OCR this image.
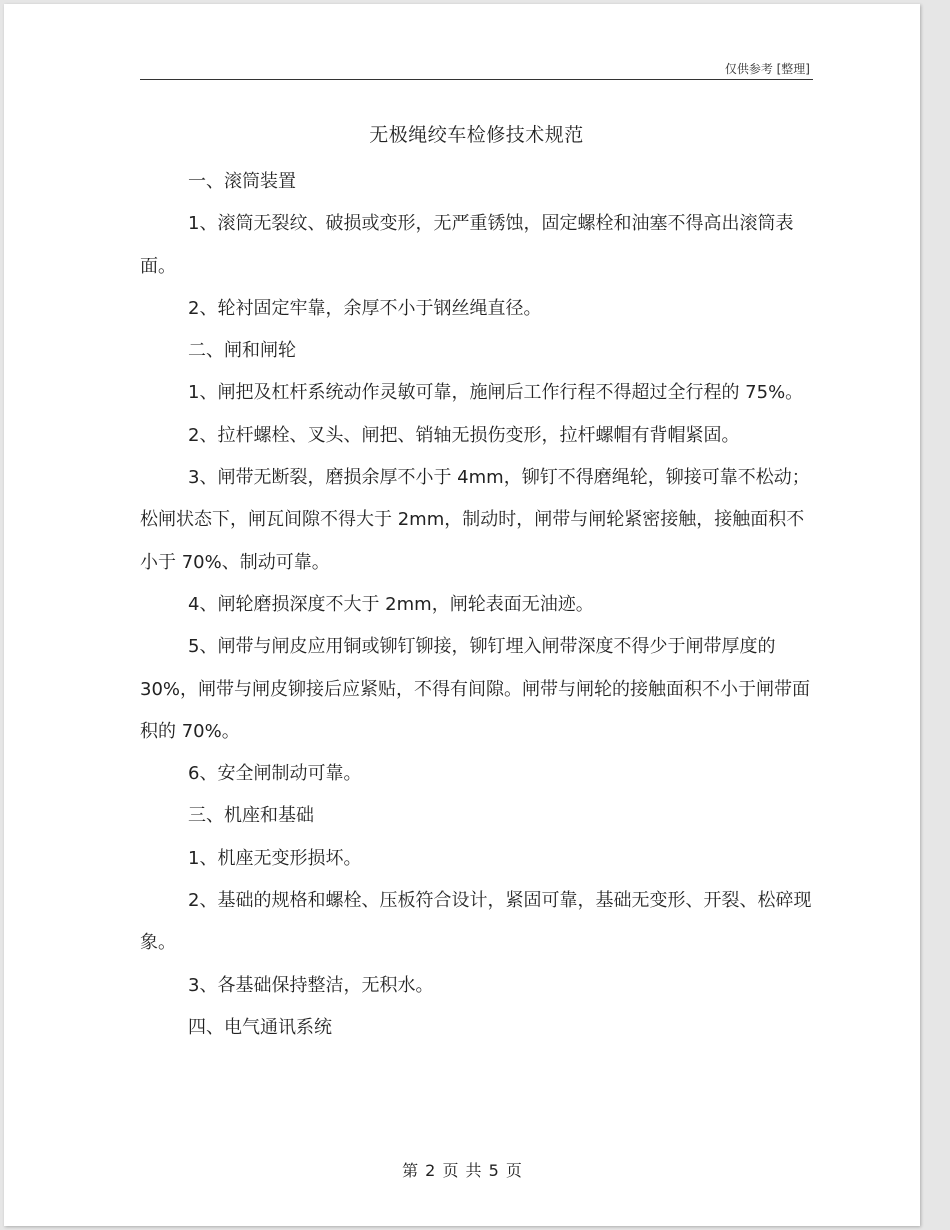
仅供参考 [整理]
无极绳绞车检修技术规范

一、滚筒装置

1、滚筒无裂纹、破损或变形，无严重锈蚀，固定螺栓和油塞不得高出滚筒表面。

2、轮衬固定牢靠，余厚不小于钢丝绳直径。

二、闸和闸轮

1、闸把及杠杆系统动作灵敏可靠，施闸后工作行程不得超过全行程的 75%。

2、拉杆螺栓、叉头、闸把、销轴无损伤变形，拉杆螺帽有背帽紧固。

3、闸带无断裂，磨损余厚不小于 4mm，铆钉不得磨绳轮，铆接可靠不松动；松闸状态下，闸瓦间隙不得大于 2mm，制动时，闸带与闸轮紧密接触，接触面积不小于 70%、制动可靠。

4、闸轮磨损深度不大于 2mm，闸轮表面无油迹。

5、闸带与闸皮应用铜或铆钉铆接，铆钉埋入闸带深度不得少于闸带厚度的 30%，闸带与闸皮铆接后应紧贴，不得有间隙。闸带与闸轮的接触面积不小于闸带面积的 70%。

6、安全闸制动可靠。

三、机座和基础

1、机座无变形损坏。

2、基础的规格和螺栓、压板符合设计，紧固可靠，基础无变形、开裂、松碎现象。

3、各基础保持整洁，无积水。

四、电气通讯系统

第 2 页 共 5 页
